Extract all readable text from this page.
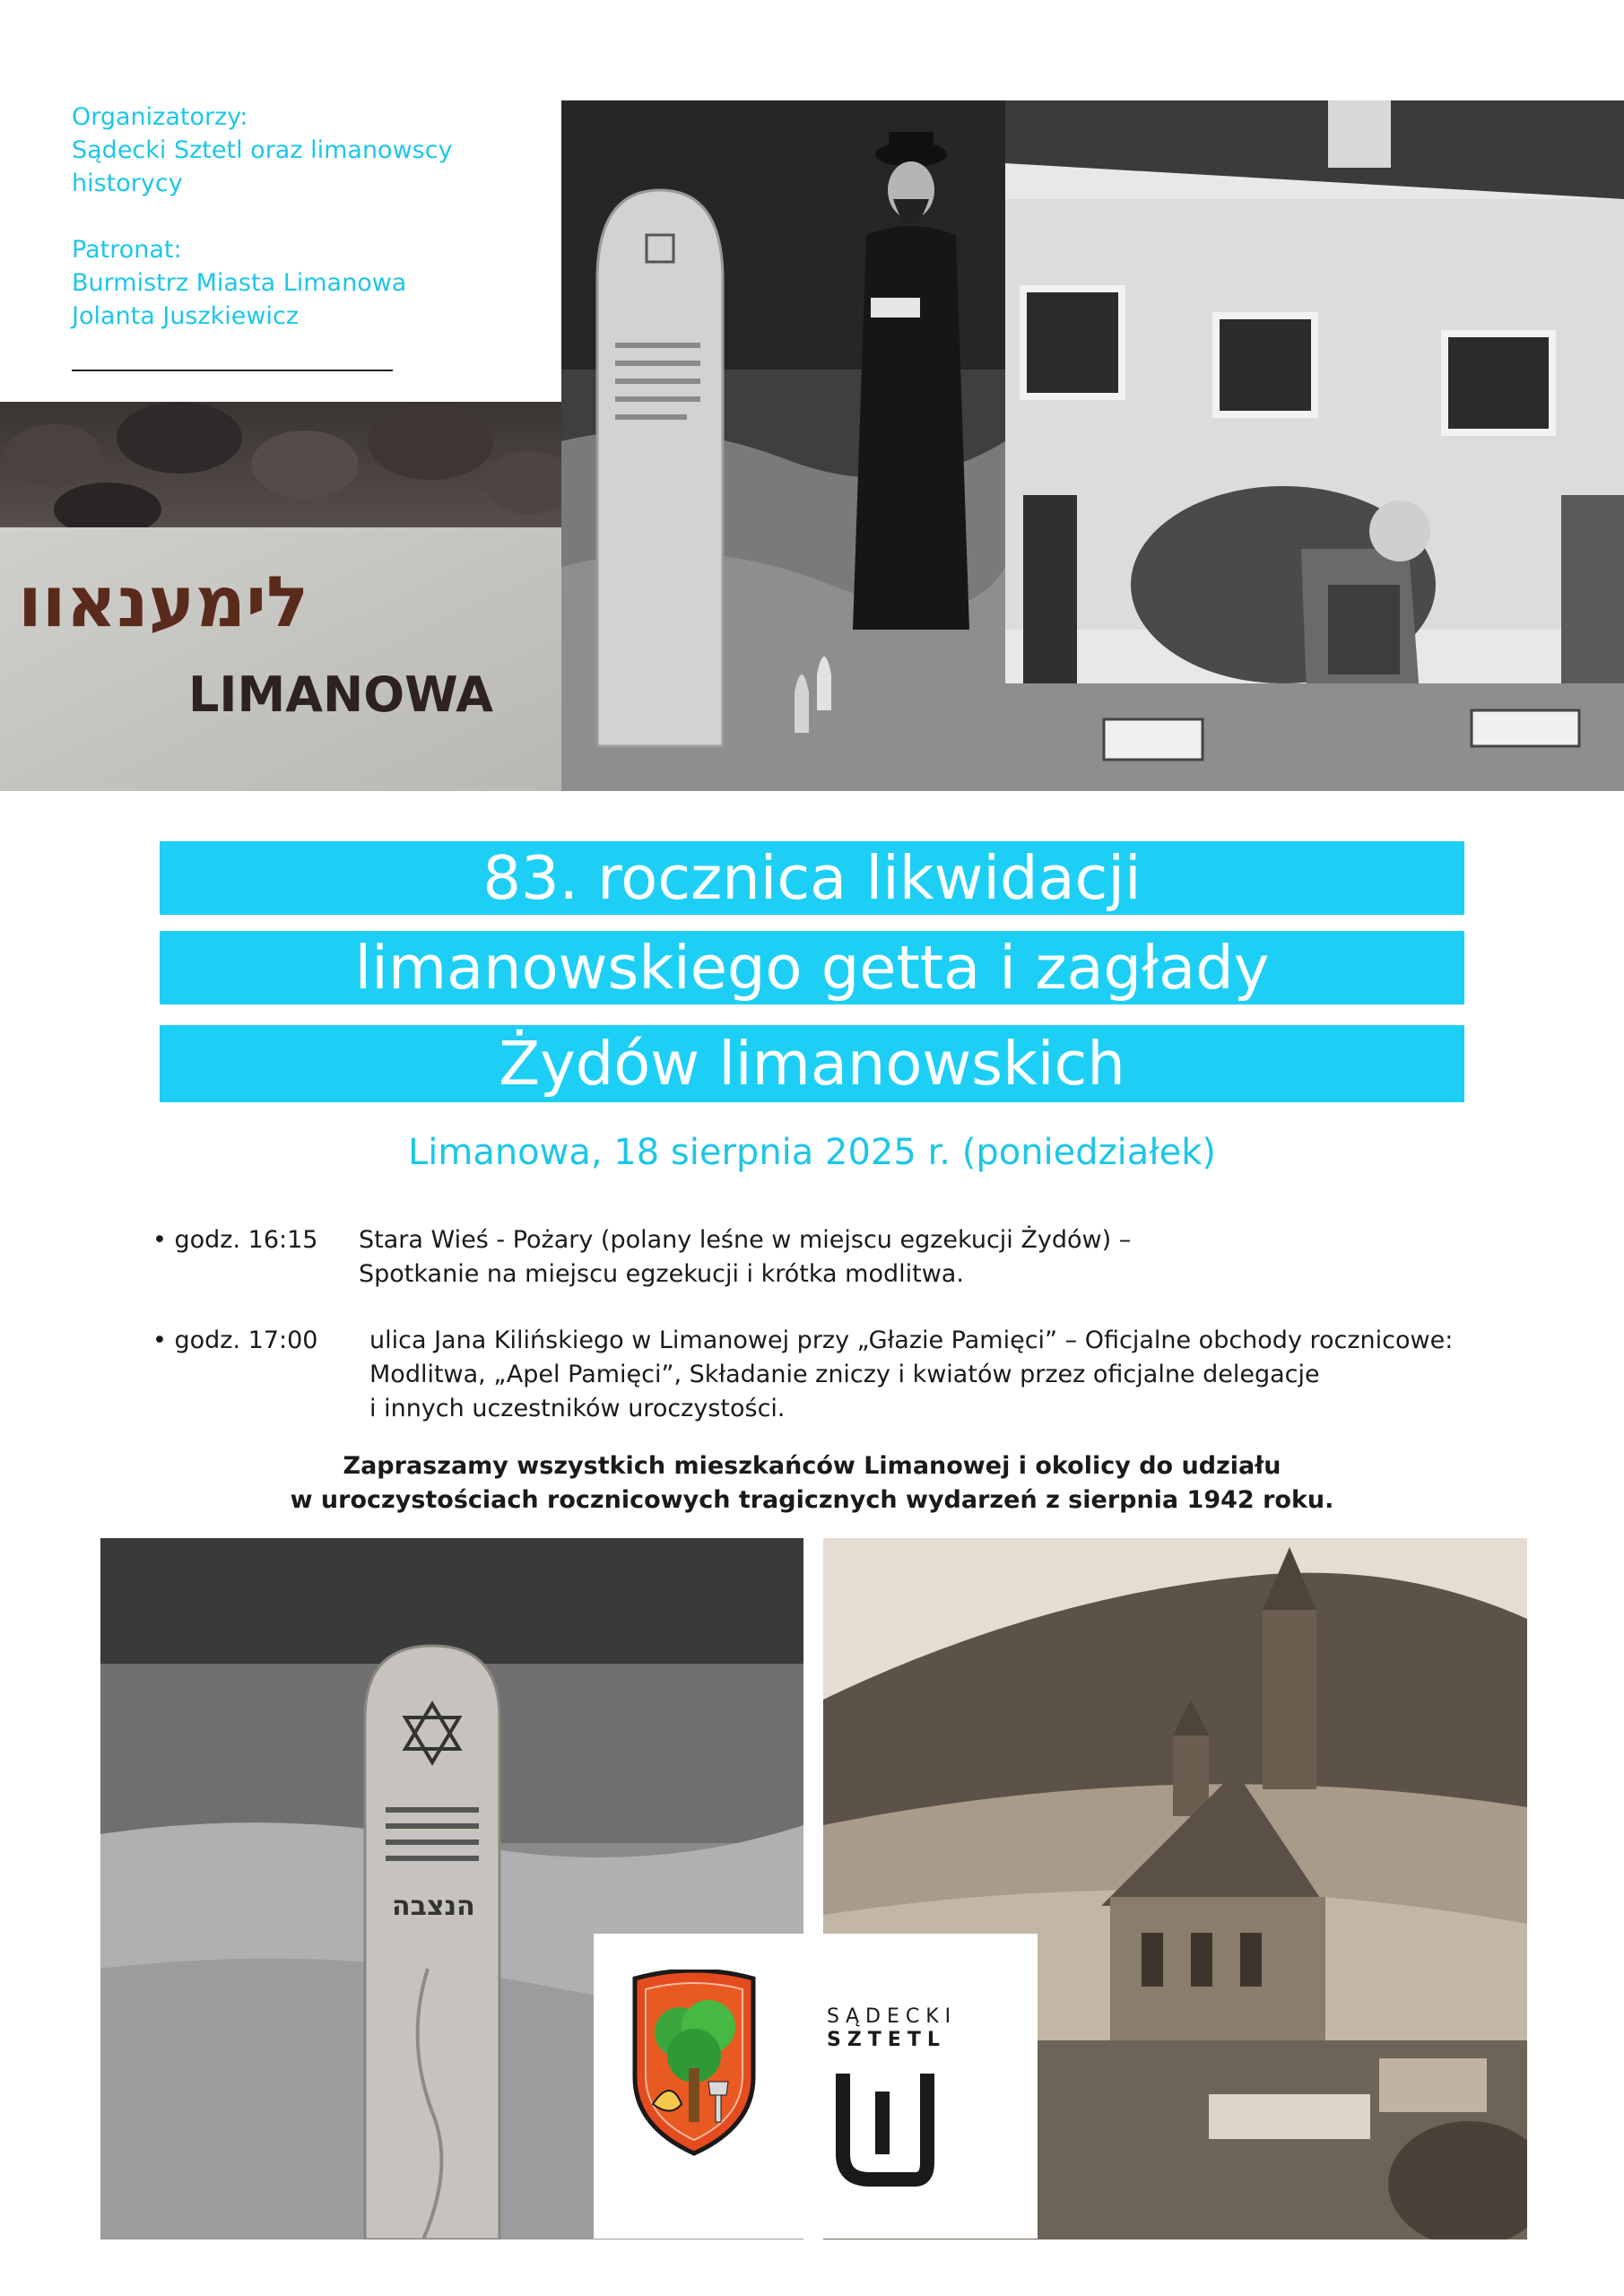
Organizatorzy:

Sądecki Sztetl oraz limanowscy

historycy

Patronat:

Burmistrz Miasta Limanowa

Jolanta Juszkiewicz

לימענאוו
LIMANOWA
83. rocznica likwidacji
limanowskiego getta i zagłady
Żydów limanowskich
Limanowa, 18 sierpnia 2025 r. (poniedziałek)
• godz. 16:15 Stara Wieś - Pożary (polany leśne w miejscu egzekucji Żydów) –
Spotkanie na miejscu egzekucji i krótka modlitwa.
• godz. 17:00 ulica Jana Kilińskiego w Limanowej przy „Głazie Pamięci” – Oficjalne obchody rocznicowe:
Modlitwa, „Apel Pamięci”, Składanie zniczy i kwiatów przez oficjalne delegacje
i innych uczestników uroczystości.
Zapraszamy wszystkich mieszkańców Limanowej i okolicy do udziału
w uroczystościach rocznicowych tragicznych wydarzeń z sierpnia 1942 roku.
הנצבה
SĄDECKI
SZTETL
